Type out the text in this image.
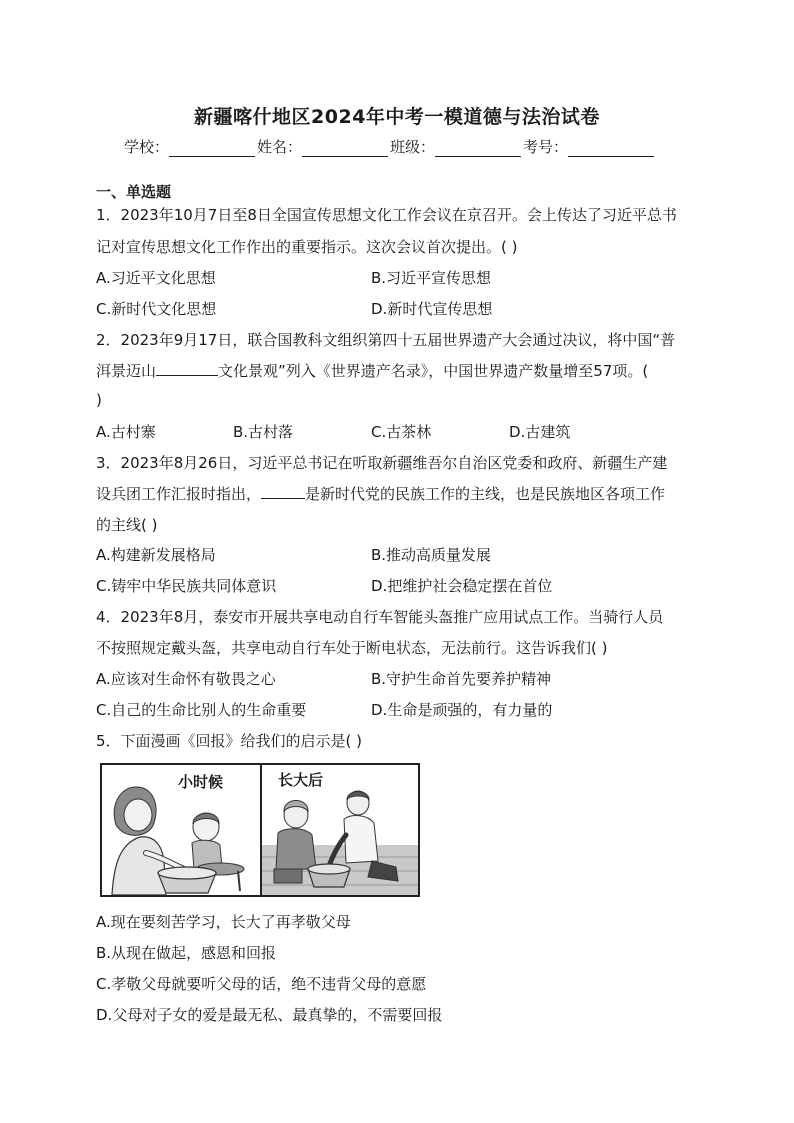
新疆喀什地区2024年中考一模道德与法治试卷
学校：	姓名：	班级：	考号：
一、单选题
1．2023年10月7日至8日全国宣传思想文化工作会议在京召开。会上传达了习近平总书
记对宣传思想文化工作作出的重要指示。这次会议首次提出。( )
A.习近平文化思想	B.习近平宣传思想
C.新时代文化思想	D.新时代宣传思想
2．2023年9月17日，联合国教科文组织第四十五届世界遗产大会通过决议，将中国“普
洱景迈山	文化景观”列入《世界遗产名录》，中国世界遗产数量增至57项。(
)
A.古村寨	B.古村落	C.古茶林	D.古建筑
3．2023年8月26日，习近平总书记在听取新疆维吾尔自治区党委和政府、新疆生产建
设兵团工作汇报时指出，	是新时代党的民族工作的主线，也是民族地区各项工作
的主线( )
A.构建新发展格局	B.推动高质量发展
C.铸牢中华民族共同体意识	D.把维护社会稳定摆在首位
4．2023年8月，泰安市开展共享电动自行车智能头盔推广应用试点工作。当骑行人员
不按照规定戴头盔，共享电动自行车处于断电状态，无法前行。这告诉我们( )
A.应该对生命怀有敬畏之心	B.守护生命首先要养护精神
C.自己的生命比别人的生命重要	D.生命是顽强的，有力量的
5．下面漫画《回报》给我们的启示是( )
小时候	长大后
A.现在要刻苦学习，长大了再孝敬父母
B.从现在做起，感恩和回报
C.孝敬父母就要听父母的话，绝不违背父母的意愿
D.父母对子女的爱是最无私、最真挚的，不需要回报
